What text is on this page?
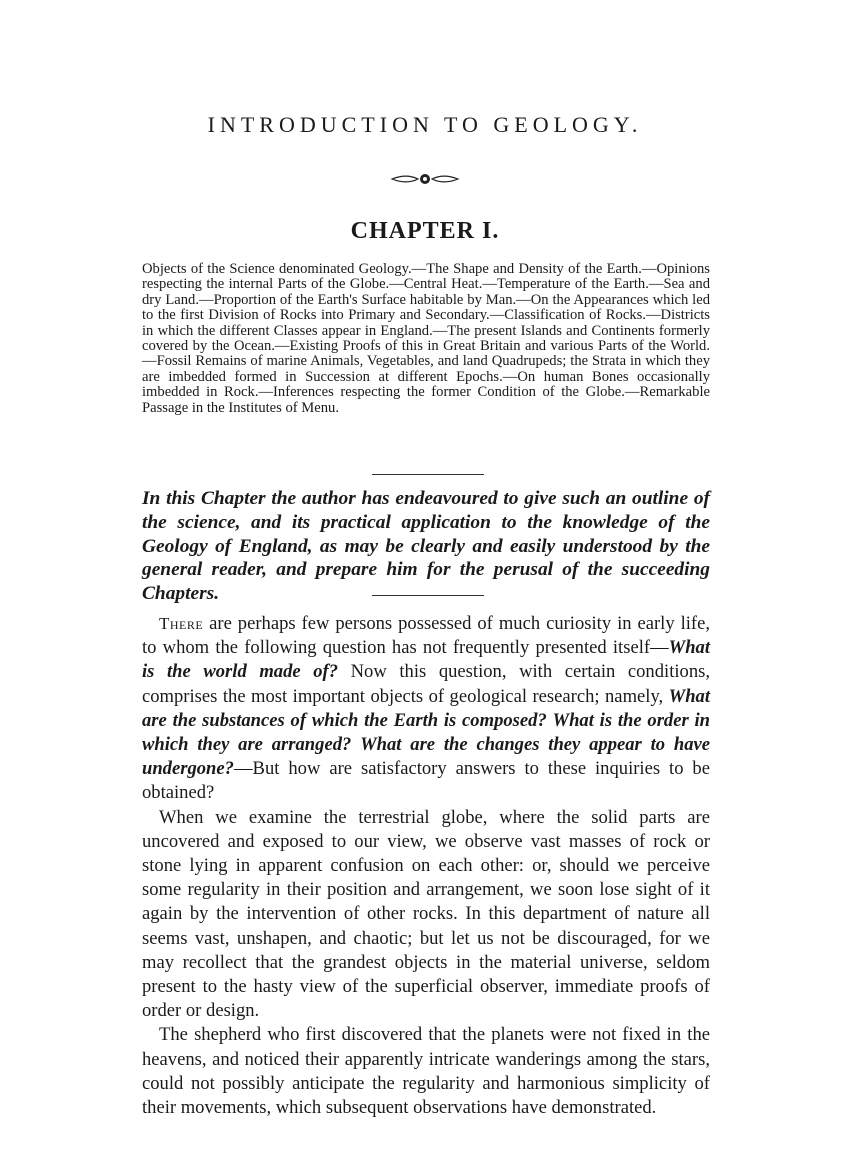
INTRODUCTION TO GEOLOGY.
CHAPTER I.
Objects of the Science denominated Geology.—The Shape and Density of the Earth.—Opinions respecting the internal Parts of the Globe.—Central Heat.—Temperature of the Earth.—Sea and dry Land.—Proportion of the Earth's Surface habitable by Man.—On the Appearances which led to the first Division of Rocks into Primary and Secondary.—Classification of Rocks.—Districts in which the different Classes appear in England.—The present Islands and Continents formerly covered by the Ocean.—Existing Proofs of this in Great Britain and various Parts of the World.—Fossil Remains of marine Animals, Vegetables, and land Quadrupeds; the Strata in which they are imbedded formed in Succession at different Epochs.—On human Bones occasionally imbedded in Rock.—Inferences respecting the former Condition of the Globe.—Remarkable Passage in the Institutes of Menu.
In this Chapter the author has endeavoured to give such an outline of the science, and its practical application to the knowledge of the Geology of England, as may be clearly and easily understood by the general reader, and prepare him for the perusal of the succeeding Chapters.

There are perhaps few persons possessed of much curiosity in early life, to whom the following question has not frequently presented itself—What is the world made of? Now this question, with certain conditions, comprises the most important objects of geological research; namely, What are the substances of which the Earth is composed? What is the order in which they are arranged? What are the changes they appear to have undergone?—But how are satisfactory answers to these inquiries to be obtained?

When we examine the terrestrial globe, where the solid parts are uncovered and exposed to our view, we observe vast masses of rock or stone lying in apparent confusion on each other: or, should we perceive some regularity in their position and arrangement, we soon lose sight of it again by the intervention of other rocks. In this department of nature all seems vast, unshapen, and chaotic; but let us not be discouraged, for we may recollect that the grandest objects in the material universe, seldom present to the hasty view of the superficial observer, immediate proofs of order or design.

The shepherd who first discovered that the planets were not fixed in the heavens, and noticed their apparently intricate wanderings among the stars, could not possibly anticipate the regularity and harmonious simplicity of their movements, which subsequent observations have demonstrated.
